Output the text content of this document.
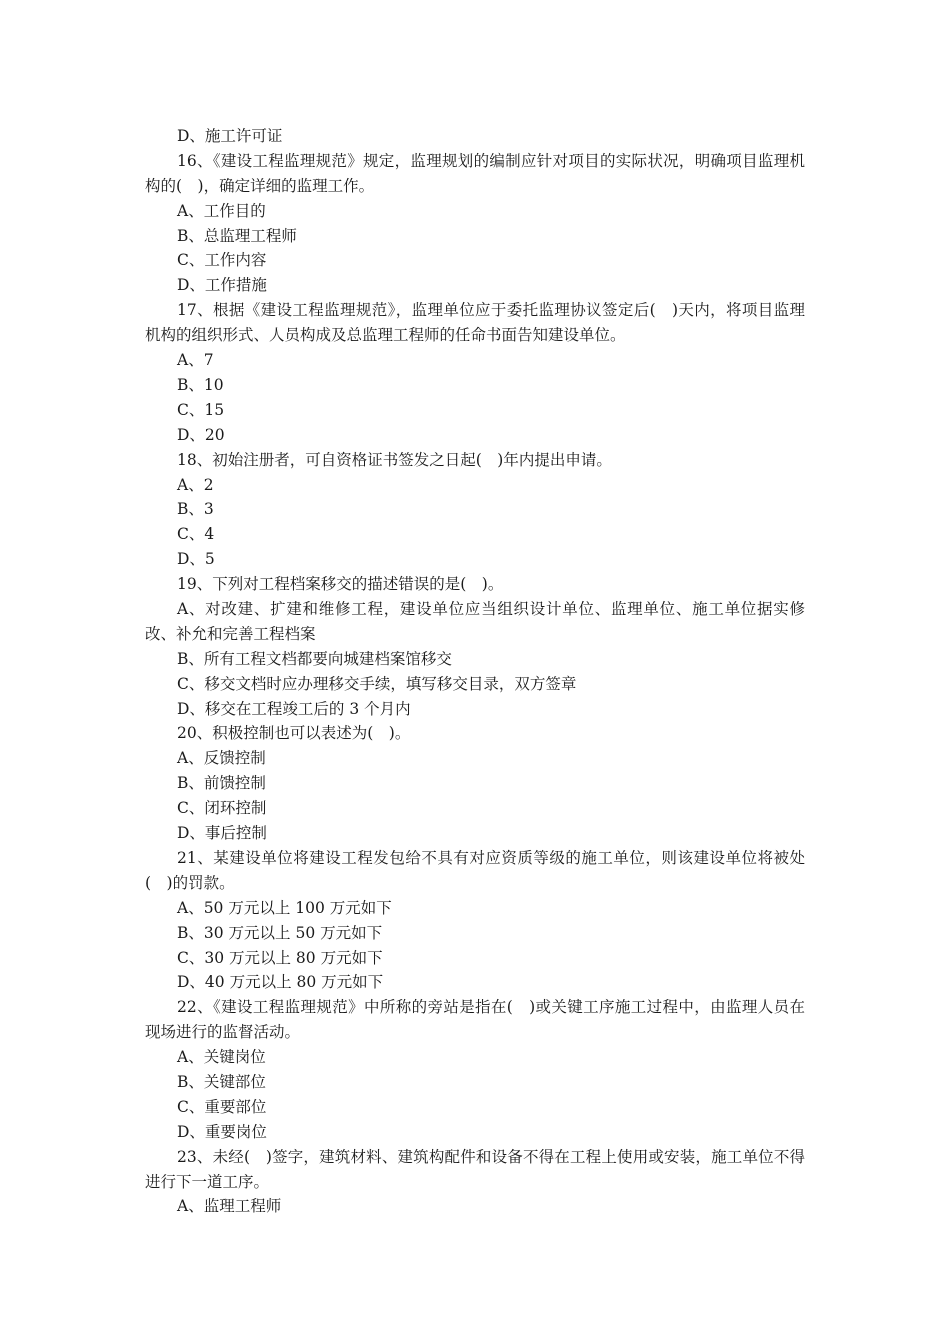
D、施工许可证
16、《建设工程监理规范》规定，监理规划的编制应针对项目的实际状况，明确项目监理机构的(　)，确定详细的监理工作。
A、工作目的
B、总监理工程师
C、工作内容
D、工作措施
17、根据《建设工程监理规范》，监理单位应于委托监理协议签定后(　)天内，将项目监理机构的组织形式、人员构成及总监理工程师的任命书面告知建设单位。
A、7
B、10
C、15
D、20
18、初始注册者，可自资格证书签发之日起(　)年内提出申请。
A、2
B、3
C、4
D、5
19、下列对工程档案移交的描述错误的是(　)。
A、对改建、扩建和维修工程，建设单位应当组织设计单位、监理单位、施工单位据实修改、补允和完善工程档案
B、所有工程文档都要向城建档案馆移交
C、移交文档时应办理移交手续，填写移交目录，双方签章
D、移交在工程竣工后的 3 个月内
20、积极控制也可以表述为(　)。
A、反馈控制
B、前馈控制
C、闭环控制
D、事后控制
21、某建设单位将建设工程发包给不具有对应资质等级的施工单位，则该建设单位将被处(　)的罚款。
A、50 万元以上 100 万元如下
B、30 万元以上 50 万元如下
C、30 万元以上 80 万元如下
D、40 万元以上 80 万元如下
22、《建设工程监理规范》中所称的旁站是指在(　)或关键工序施工过程中，由监理人员在现场进行的监督活动。
A、关键岗位
B、关键部位
C、重要部位
D、重要岗位
23、未经(　)签字，建筑材料、建筑构配件和设备不得在工程上使用或安装，施工单位不得进行下一道工序。
A、监理工程师
